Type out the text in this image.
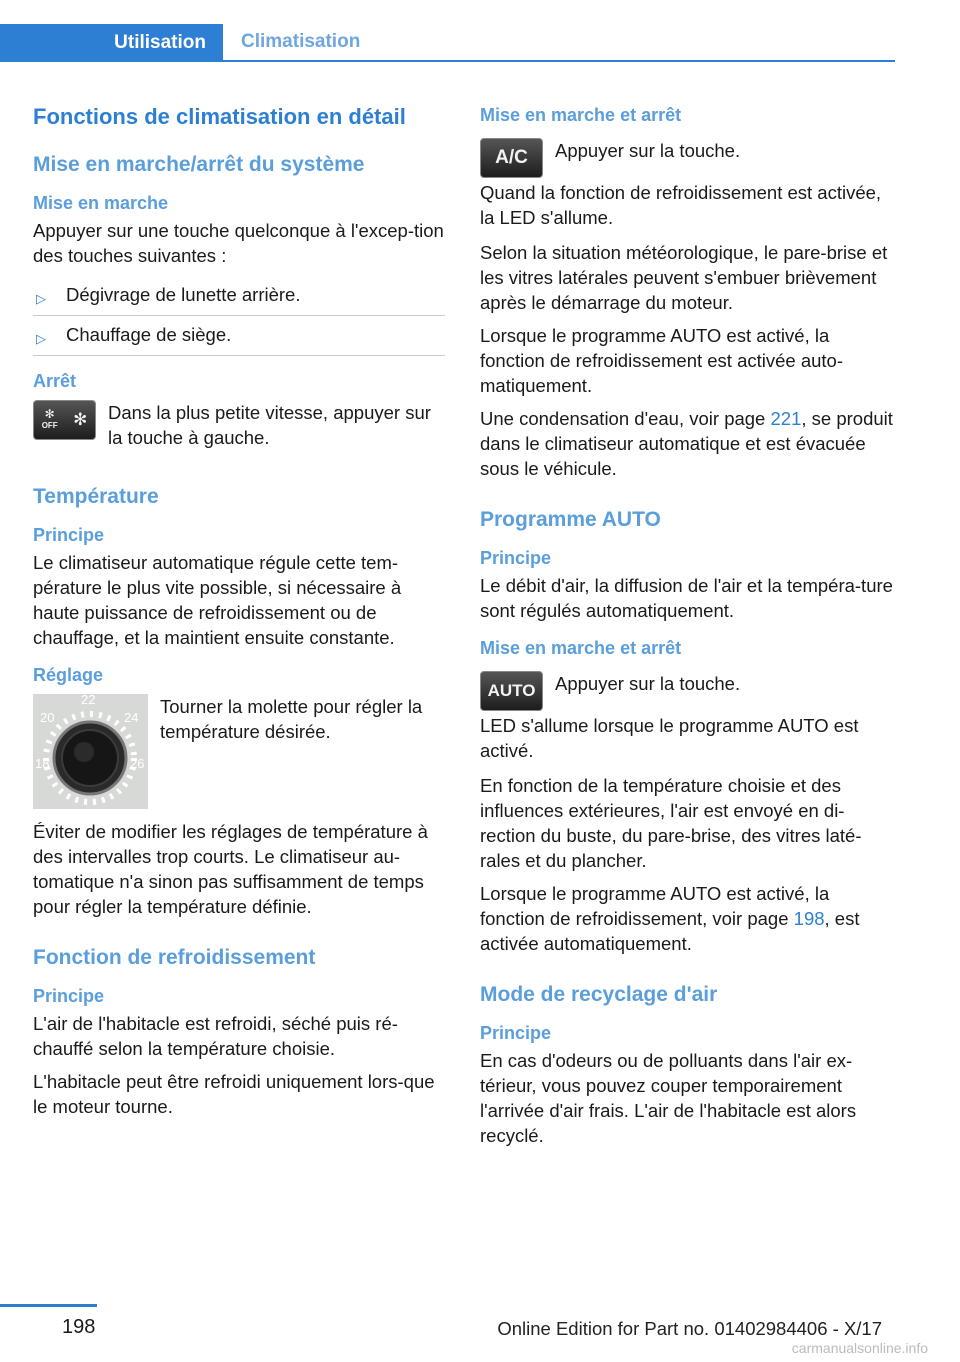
Utilisation	Climatisation
Fonctions de climatisation en détail
Mise en marche/arrêt du système
Mise en marche

Appuyer sur une touche quelconque à l'excep-tion des touches suivantes :

▷ Dégivrage de lunette arrière.
▷ Chauffage de siège.
Arrêt
✻
OFF ✻ Dans la plus petite vitesse, appuyer sur la touche à gauche.

Température
Principe

Le climatiseur automatique régule cette tem-pérature le plus vite possible, si nécessaire à haute puissance de refroidissement ou de chauffage, et la maintient ensuite constante.

Réglage
22
20	24
18	26

Tourner la molette pour régler la température désirée.

Éviter de modifier les réglages de température à des intervalles trop courts. Le climatiseur au-tomatique n'a sinon pas suffisamment de temps pour régler la température définie.

Fonction de refroidissement
Principe

L'air de l'habitacle est refroidi, séché puis ré-chauffé selon la température choisie.

L'habitacle peut être refroidi uniquement lors-que le moteur tourne.

Mise en marche et arrêt
A/C	Appuyer sur la touche.

Quand la fonction de refroidissement est activée, la LED s'allume.

Selon la situation météorologique, le pare-brise et les vitres latérales peuvent s'embuer brièvement après le démarrage du moteur.

Lorsque le programme AUTO est activé, la fonction de refroidissement est activée auto-matiquement.

Une condensation d'eau, voir page 221, se produit dans le climatiseur automatique et est évacuée sous le véhicule.

Programme AUTO
Principe

Le débit d'air, la diffusion de l'air et la tempéra-ture sont régulés automatiquement.

Mise en marche et arrêt
AUTO	Appuyer sur la touche.

LED s'allume lorsque le programme AUTO est activé.

En fonction de la température choisie et des influences extérieures, l'air est envoyé en di-rection du buste, du pare-brise, des vitres laté-rales et du plancher.

Lorsque le programme AUTO est activé, la fonction de refroidissement, voir page 198, est activée automatiquement.

Mode de recyclage d'air
Principe

En cas d'odeurs ou de polluants dans l'air ex-térieur, vous pouvez couper temporairement l'arrivée d'air frais. L'air de l'habitacle est alors recyclé.

198	Online Edition for Part no. 01402984406 - X/17
carmanualsonline.info
